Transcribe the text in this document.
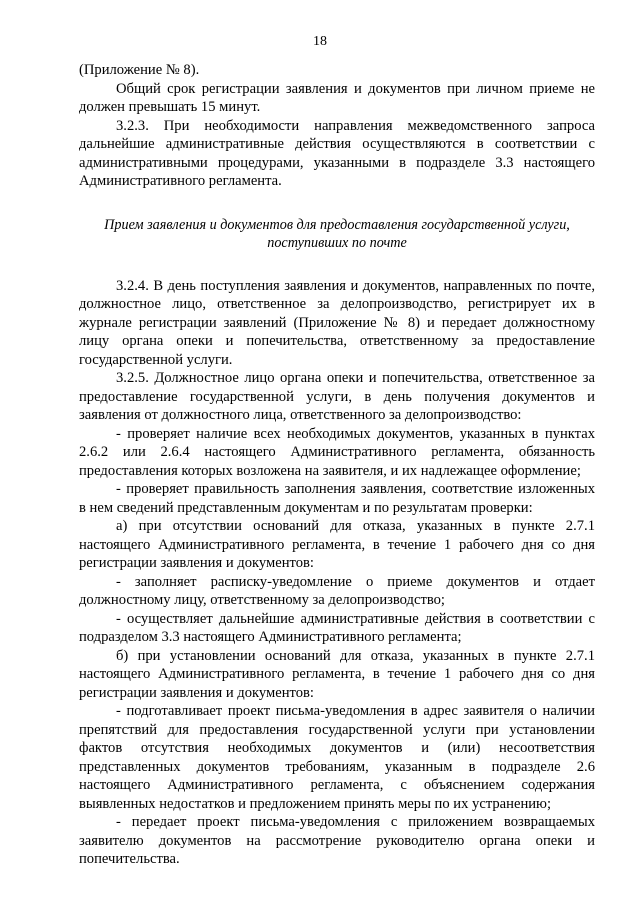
18

(Приложение № 8).

Общий срок регистрации заявления и документов при личном приеме не должен превышать 15 минут.

3.2.3. При необходимости направления межведомственного запроса дальнейшие административные действия осуществляются в соответствии с административными процедурами, указанными в подразделе 3.3 настоящего Административного регламента.

Прием заявления и документов для предоставления государственной услуги, поступивших по почте

3.2.4. В день поступления заявления и документов, направленных по почте, должностное лицо, ответственное за делопроизводство, регистрирует их в журнале регистрации заявлений (Приложение № 8) и передает должностному лицу органа опеки и попечительства, ответственному за предоставление государственной услуги.

3.2.5. Должностное лицо органа опеки и попечительства, ответственное за предоставление государственной услуги, в день получения документов и заявления от должностного лица, ответственного за делопроизводство:

- проверяет наличие всех необходимых документов, указанных в пунктах 2.6.2 или 2.6.4 настоящего Административного регламента, обязанность предоставления которых возложена на заявителя, и их надлежащее оформление;

- проверяет правильность заполнения заявления, соответствие изложенных в нем сведений представленным документам и по результатам проверки:

а) при отсутствии оснований для отказа, указанных в пункте 2.7.1 настоящего Административного регламента, в течение 1 рабочего дня со дня регистрации заявления и документов:

- заполняет расписку-уведомление о приеме документов и отдает должностному лицу, ответственному за делопроизводство;

- осуществляет дальнейшие административные действия в соответствии с подразделом 3.3 настоящего Административного регламента;

б) при установлении оснований для отказа, указанных в пункте 2.7.1 настоящего Административного регламента, в течение 1 рабочего дня со дня регистрации заявления и документов:

- подготавливает проект письма-уведомления в адрес заявителя о наличии препятствий для предоставления государственной услуги при установлении фактов отсутствия необходимых документов и (или) несоответствия представленных документов требованиям, указанным в подразделе 2.6 настоящего Административного регламента, с объяснением содержания выявленных недостатков и предложением принять меры по их устранению;

- передает проект письма-уведомления с приложением возвращаемых заявителю документов на рассмотрение руководителю органа опеки и попечительства.
